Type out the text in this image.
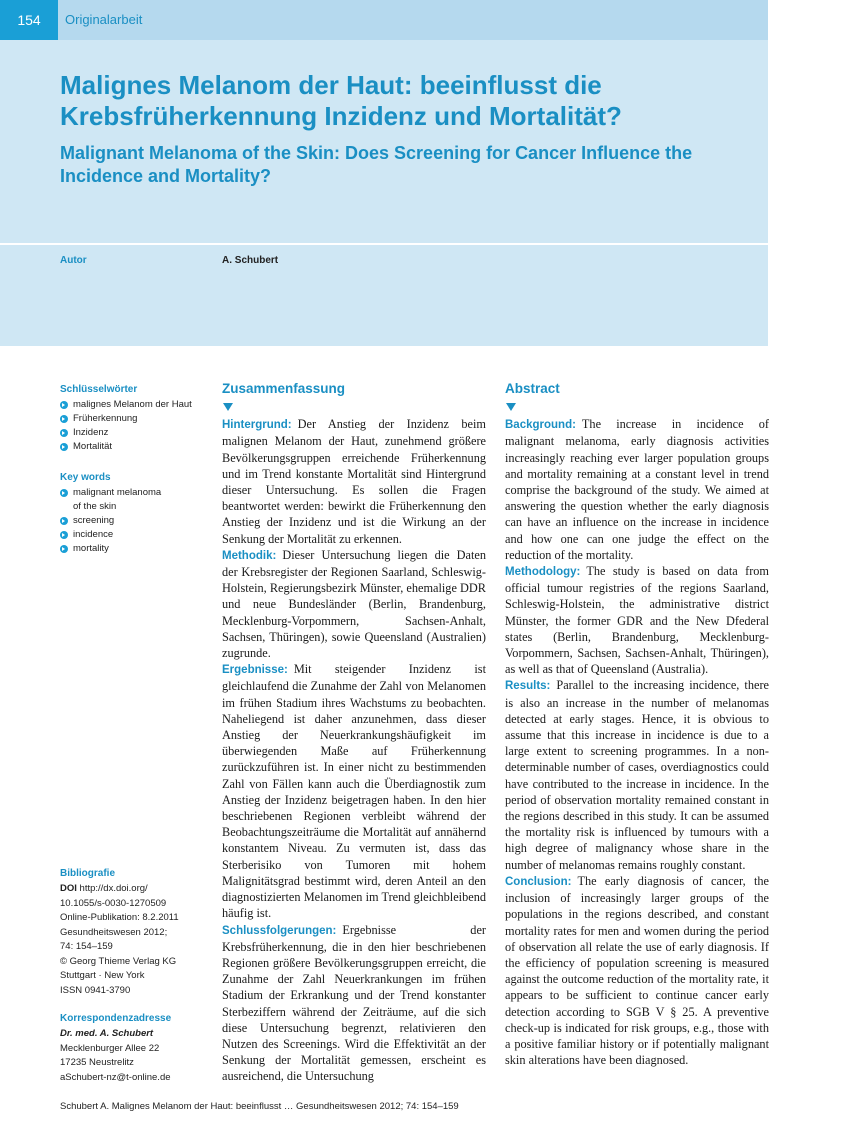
154	Originalarbeit
Malignes Melanom der Haut: beeinflusst die Krebsfrüherkennung Inzidenz und Mortalität?
Malignant Melanoma of the Skin: Does Screening for Cancer Influence the Incidence and Mortality?
Autor	A. Schubert
Schlüsselwörter
malignes Melanom der Haut
Früherkennung
Inzidenz
Mortalität
Key words
malignant melanoma
of the skin
screening
incidence
mortality
Bibliografie
DOI http://dx.doi.org/
10.1055/s-0030-1270509
Online-Publikation: 8.2.2011
Gesundheitswesen 2012;
74: 154–159
© Georg Thieme Verlag KG
Stuttgart · New York
ISSN 0941-3790
Korrespondenzadresse
Dr. med. A. Schubert
Mecklenburger Allee 22
17235 Neustrelitz
aSchubert-nz@t-online.de
Zusammenfassung

Hintergrund: Der Anstieg der Inzidenz beim malignen Melanom der Haut, zunehmend größere Bevölkerungsgruppen erreichende Früherkennung und im Trend konstante Mortalität sind Hintergrund dieser Untersuchung. Es sollen die Fragen beantwortet werden: bewirkt die Früherkennung den Anstieg der Inzidenz und ist die Wirkung an der Senkung der Mortalität zu erkennen.

Methodik: Dieser Untersuchung liegen die Daten der Krebsregister der Regionen Saarland, Schleswig-Holstein, Regierungsbezirk Münster, ehemalige DDR und neue Bundesländer (Berlin, Brandenburg, Mecklenburg-Vorpommern, Sachsen-Anhalt, Sachsen, Thüringen), sowie Queensland (Australien) zugrunde.

Ergebnisse: Mit steigender Inzidenz ist gleichlaufend die Zunahme der Zahl von Melanomen im frühen Stadium ihres Wachstums zu beobachten. Naheliegend ist daher anzunehmen, dass dieser Anstieg der Neuerkrankungshäufigkeit im überwiegenden Maße auf Früherkennung zurückzuführen ist. In einer nicht zu bestimmenden Zahl von Fällen kann auch die Überdiagnostik zum Anstieg der Inzidenz beigetragen haben. In den hier beschriebenen Regionen verbleibt während der Beobachtungszeiträume die Mortalität auf annähernd konstantem Niveau. Zu vermuten ist, dass das Sterberisiko von Tumoren mit hohem Malignitätsgrad bestimmt wird, deren Anteil an den diagnostizierten Melanomen im Trend gleichbleibend häufig ist.

Schlussfolgerungen: Ergebnisse der Krebsfrüherkennung, die in den hier beschriebenen Regionen größere Bevölkerungsgruppen erreicht, die Zunahme der Zahl Neuerkrankungen im frühen Stadium der Erkrankung und der Trend konstanter Sterbeziffern während der Zeiträume, auf die sich diese Untersuchung begrenzt, relativieren den Nutzen des Screenings. Wird die Effektivität an der Senkung der Mortalität gemessen, erscheint es ausreichend, die Untersuchung

Abstract

Background: The increase in incidence of malignant melanoma, early diagnosis activities increasingly reaching ever larger population groups and mortality remaining at a constant level in trend comprise the background of the study. We aimed at answering the question whether the early diagnosis can have an influence on the increase in incidence and how one can one judge the effect on the reduction of the mortality.

Methodology: The study is based on data from official tumour registries of the regions Saarland, Schleswig-Holstein, the administrative district Münster, the former GDR and the New Dfederal states (Berlin, Brandenburg, Mecklenburg-Vorpommern, Sachsen, Sachsen-Anhalt, Thüringen), as well as that of Queensland (Australia).

Results: Parallel to the increasing incidence, there is also an increase in the number of melanomas detected at early stages. Hence, it is obvious to assume that this increase in incidence is due to a large extent to screening programmes. In a non-determinable number of cases, overdiagnostics could have contributed to the increase in incidence. In the period of observation mortality remained constant in the regions described in this study. It can be assumed the mortality risk is influenced by tumours with a high degree of malignancy whose share in the number of melanomas remains roughly constant.

Conclusion: The early diagnosis of cancer, the inclusion of increasingly larger groups of the populations in the regions described, and constant mortality rates for men and women during the period of observation all relate the use of early diagnosis. If the efficiency of population screening is measured against the outcome reduction of the mortality rate, it appears to be sufficient to continue cancer early detection according to SGB V § 25. A preventive check-up is indicated for risk groups, e.g., those with a positive familiar history or if potentially malignant skin alterations have been diagnosed.

Schubert A. Malignes Melanom der Haut: beeinflusst … Gesundheitswesen 2012; 74: 154–159
